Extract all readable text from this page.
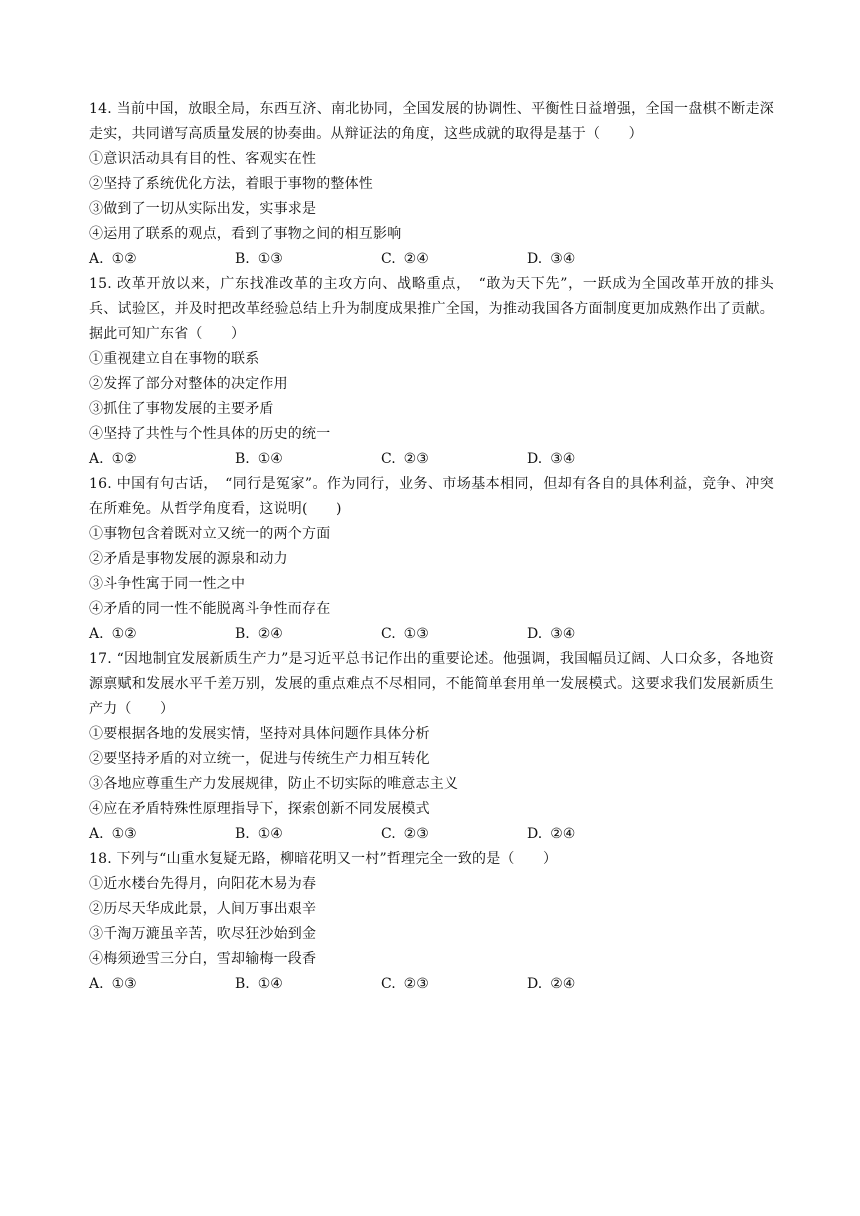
14. 当前中国，放眼全局，东西互济、南北协同，全国发展的协调性、平衡性日益增强，全国一盘棋不断走深走实，共同谱写高质量发展的协奏曲。从辩证法的角度，这些成就的取得是基于（　　）

①意识活动具有目的性、客观实在性

②坚持了系统优化方法，着眼于事物的整体性

③做到了一切从实际出发，实事求是

④运用了联系的观点，看到了事物之间的相互影响

A. ①②	B. ①③	C. ②④	D. ③④

15. 改革开放以来，广东找准改革的主攻方向、战略重点，　“敢为天下先”，一跃成为全国改革开放的排头兵、试验区，并及时把改革经验总结上升为制度成果推广全国，为推动我国各方面制度更加成熟作出了贡献。据此可知广东省（　　）

①重视建立自在事物的联系

②发挥了部分对整体的决定作用

③抓住了事物发展的主要矛盾

④坚持了共性与个性具体的历史的统一

A. ①②	B. ①④	C. ②③	D. ③④

16. 中国有句古话，　“同行是冤家”。作为同行，业务、市场基本相同，但却有各自的具体利益，竞争、冲突在所难免。从哲学角度看，这说明(　　)

①事物包含着既对立又统一的两个方面

②矛盾是事物发展的源泉和动力

③斗争性寓于同一性之中

④矛盾的同一性不能脱离斗争性而存在

A. ①②	B. ②④	C. ①③	D. ③④

17. “因地制宜发展新质生产力”是习近平总书记作出的重要论述。他强调，我国幅员辽阔、人口众多，各地资源禀赋和发展水平千差万别，发展的重点难点不尽相同，不能简单套用单一发展模式。这要求我们发展新质生产力（　　）

①要根据各地的发展实情，坚持对具体问题作具体分析

②要坚持矛盾的对立统一，促进与传统生产力相互转化

③各地应尊重生产力发展规律，防止不切实际的唯意志主义

④应在矛盾特殊性原理指导下，探索创新不同发展模式

A. ①③	B. ①④	C. ②③	D. ②④

18. 下列与“山重水复疑无路，柳暗花明又一村”哲理完全一致的是（　　）

①近水楼台先得月，向阳花木易为春

②历尽天华成此景，人间万事出艰辛

③千淘万漉虽辛苦，吹尽狂沙始到金

④梅须逊雪三分白，雪却输梅一段香

A. ①③	B. ①④	C. ②③	D. ②④
